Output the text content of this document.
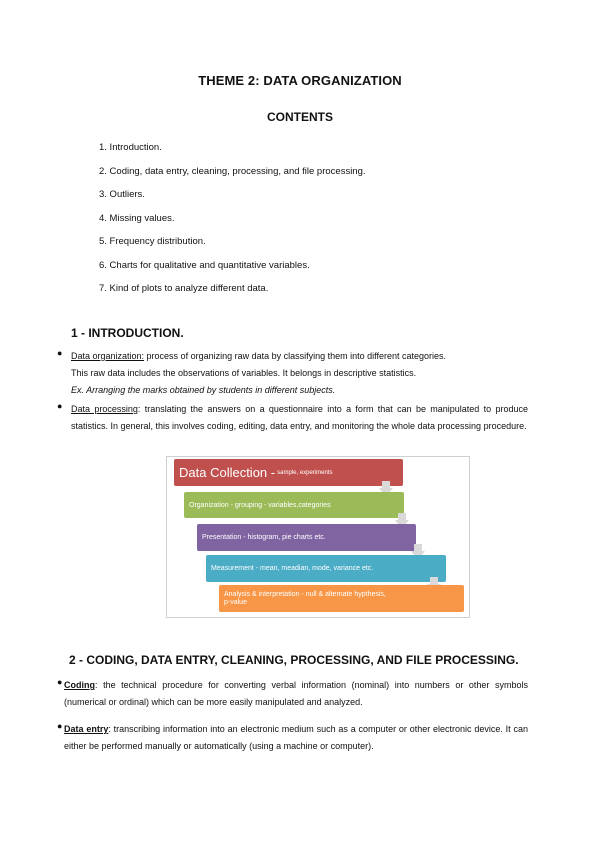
THEME 2: DATA ORGANIZATION
CONTENTS
1. Introduction.
2. Coding, data entry, cleaning, processing, and file processing.
3. Outliers.
4. Missing values.
5. Frequency distribution.
6. Charts for qualitative and quantitative variables.
7. Kind of plots to analyze different data.
1 - INTRODUCTION.
● Data organization: process of organizing raw data by classifying them into different categories.
This raw data includes the observations of variables. It belongs in descriptive statistics.
Ex. Arranging the marks obtained by students in different subjects.
● Data processing: translating the answers on a questionnaire into a form that can be manipulated to produce statistics. In general, this involves coding, editing, data entry, and monitoring the whole data processing procedure.
Data Collection - sample, experiments
Organization - grouping - variables,categories
Presentation - histogram, pie charts etc.
Measurement - mean, meadian, mode, variance etc.
Analysis & interpretation - null & alternate hypthesis, p-value
2 - CODING, DATA ENTRY, CLEANING, PROCESSING, AND FILE PROCESSING.
● Coding: the technical procedure for converting verbal information (nominal) into numbers or other symbols (numerical or ordinal) which can be more easily manipulated and analyzed.
● Data entry: transcribing information into an electronic medium such as a computer or other electronic device. It can either be performed manually or automatically (using a machine or computer).
